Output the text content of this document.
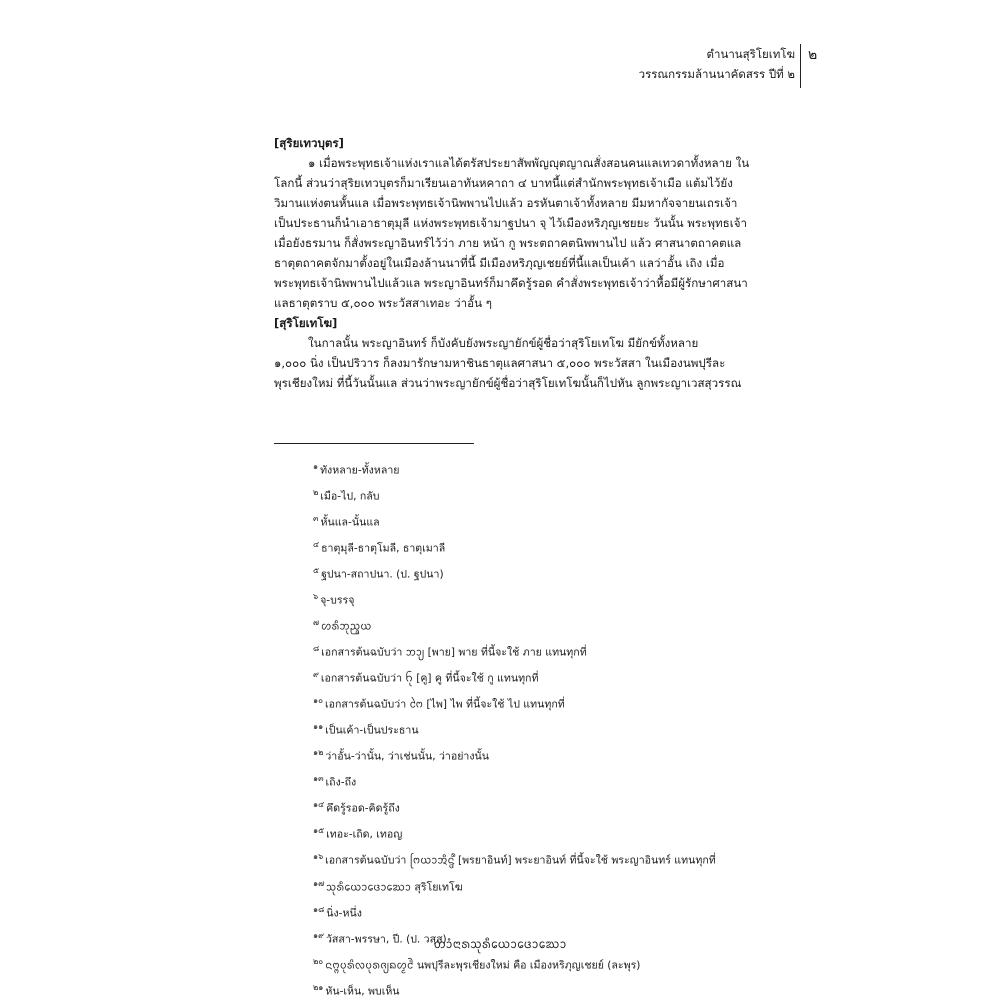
ตำนานสุริโยเทโฆ
วรรณกรรมล้านนาคัดสรร ปีที่ ๒
๒
[สุริยเทวบุตร]
๑ เมื่อพระพุทธเจ้าแห่งเราแลได้ตรัสประยาสัพพัญญุตญาณสั่งสอนคนแลเทวดาทั้งหลาย ใน
โลกนี้ ส่วนว่าสุริยเทวบุตรก็มาเรียนเอาทันหคาถา ๔ บาทนี้แต่สำนักพระพุทธเจ้าเมือ แต้มไว้ยัง
วิมานแห่งตนหั้นแล เมื่อพระพุทธเจ้านิพพานไปแล้ว อรหันตาเจ้าทั้งหลาย มีมหากัจจายนเถรเจ้า
เป็นประธานก็นำเอาธาตุมุลี แห่งพระพุทธเจ้ามาฐปนา จุ ไว้เมืองหริภุญเชยยะ วันนั้น พระพุทธเจ้า
เมื่อยังธรมาน ก็สั่งพระญาอินทร์ไว้ว่า ภาย หน้า กู พระตถาคตนิพพานไป แล้ว ศาสนาตถาคตแล
ธาตุตถาคตจักมาตั้งอยู่ในเมืองล้านนาที่นี้ มีเมืองหริภุญเชยย์ที่นี้แลเป็นเค้า แลว่าอั้น เถิง เมื่อ
พระพุทธเจ้านิพพานไปแล้วแล พระญาอินทร์ก็มาคึดรู้รอด คำสั่งพระพุทธเจ้าว่าหื้อมีผู้รักษาศาสนา
แลธาตุตราบ ๕,๐๐๐ พระวัสสาเทอะ ว่าอั้น ๆ
[สุริโยเทโฆ]
ในกาลนั้น พระญาอินทร์ ก็บังคับยังพระญายักข์ผู้ชื่อว่าสุริโยเทโฆ มียักข์ทั้งหลาย
๑,๐๐๐ นิ่ง เป็นปริวาร ก็ลงมารักษามหาชินธาตุแลศาสนา ๕,๐๐๐ พระวัสสา ในเมืองนพปุรีละ
พุรเชียงใหม่ ที่นี้วันนั้นแล ส่วนว่าพระญายักข์ผู้ชื่อว่าสุริโยเทโฆนั้นก็ไปหัน ลูกพระญาเวสสุวรรณ
$^๑$ ทังหลาย-ทั้งหลาย
$^๒$ เมือ-ไป, กลับ
$^๓$ หั้นแล-นั้นแล
$^๔$ ธาตุมุลี-ธาตุโมลี, ธาตุเมาลี
$^๕$ ฐปนา-สถาปนา. (ป. ฐปนา)
$^๖$ จุ-บรรจุ
$^๗$ ᩉᩁᩥᨽᩩᨬ᩠ᨩᨿ
$^๘$ เอกสารต้นฉบับว่า ᨽᩣ᩠ᨿ [พาย] พาย ที่นี้จะใช้ ภาย แทนทุกที่
$^๙$ เอกสารต้นฉบับว่า ᨤᩩ [คู] คู ที่นี้จะใช้ กู แทนทุกที่
$^{๑๐}$ เอกสารต้นฉบับว่า ᨻᩱ [ไพ] ไพ ที่นี้จะใช้ ไป แทนทุกที่
$^{๑๑}$ เป็นเค้า-เป็นประธาน
$^{๑๒}$ ว่าอั้น-ว่านั้น, ว่าเช่นนั้น, ว่าอย่างนั้น
$^{๑๓}$ เถิง-ถึง
$^{๑๔}$ คึดรู้รอด-คิดรู้ถึง
$^{๑๕}$ เทอะ-เถิด, เทอญ
$^{๑๖}$ เอกสารต้นฉบับว่า ᨻᩕᨿᩣᩋᩥᨶ᩠ᨴ᩺ [พรยาอินท์] พระยาอินท์ ที่นี้จะใช้ พระญาอินทร์ แทนทุกที่
$^{๑๗}$ ᩈᩩᩁᩥᨿᩮᩣᨴᩮᩣᨥᩮᩣ สุริโยเทโฆ
$^{๑๘}$ นิ่ง-หนึ่ง
$^{๑๙}$ วัสสา-พรรษา, ปี. (ป. วสฺส)
$^{๒๐}$ ᨶᨻ᩠ᨻᨷᩩᩁᩦᩃᨷᩩᩁᨩ᩠ᨿᨦᩉ᩠ᨾᩲ᩵ นพปุรีละพุรเชียงใหม่ คือ เมืองหริภุญเชยย์ (ละพุร)
$^{๒๑}$ หัน-เห็น, พบเห็น
ᨲᩣᩴᨶᩣᩁᩈᩩᩁᩥᨿᩮᩣᨴᩮᩣᨥᩮᩣ
